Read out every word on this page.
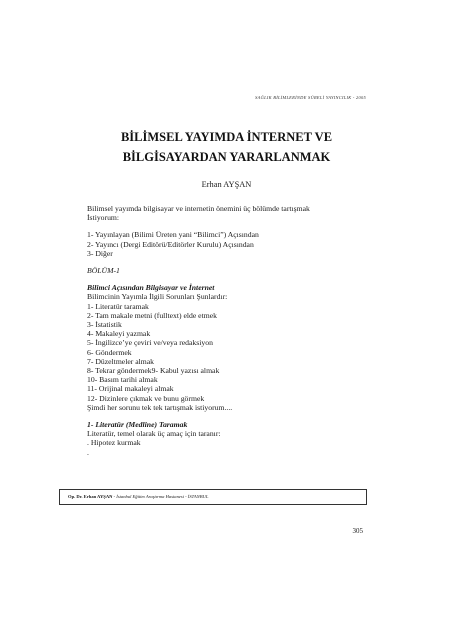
SAĞLIK BİLİMLERİNDE SÜRELİ YAYINCILIK - 2005
BİLİMSEL YAYIMDA İNTERNET VE
BİLGİSAYARDAN YARARLANMAK
Erhan AYŞAN
Bilimsel yayımda bilgisayar ve internetin önemini üç bölümde tartışmak
İstiyorum:
1- Yayınlayan (Bilimi Üreten yani “Bilimci”) Açısından
2- Yayıncı (Dergi Editörü/Editörler Kurulu) Açısından
3- Diğer
BÖLÜM-1
Bilimci Açısından Bilgisayar ve İnternet
Bilimcinin Yayımla İlgili Sorunları Şunlardır:
1- Literatür taramak
2- Tam makale metni (fulltext) elde etmek
3- İstatistik
4- Makaleyi yazmak
5- İngilizce’ye çeviri ve/veya redaksiyon
6- Göndermek
7- Düzeltmeler almak
8- Tekrar göndermek9- Kabul yazısı almak
10- Basım tarihi almak
11- Orijinal makaleyi almak
12- Dizinlere çıkmak ve bunu görmek
Şimdi her sorunu tek tek tartışmak istiyorum....
1- Literatür (Medline) Taramak
Literatür, temel olarak üç amaç için taranır:
. Hipotez kurmak
.
Op. Dr. Erhan AYŞAN - İstanbul Eğitim Araştırma Hastanesi - İSTANBUL
305
